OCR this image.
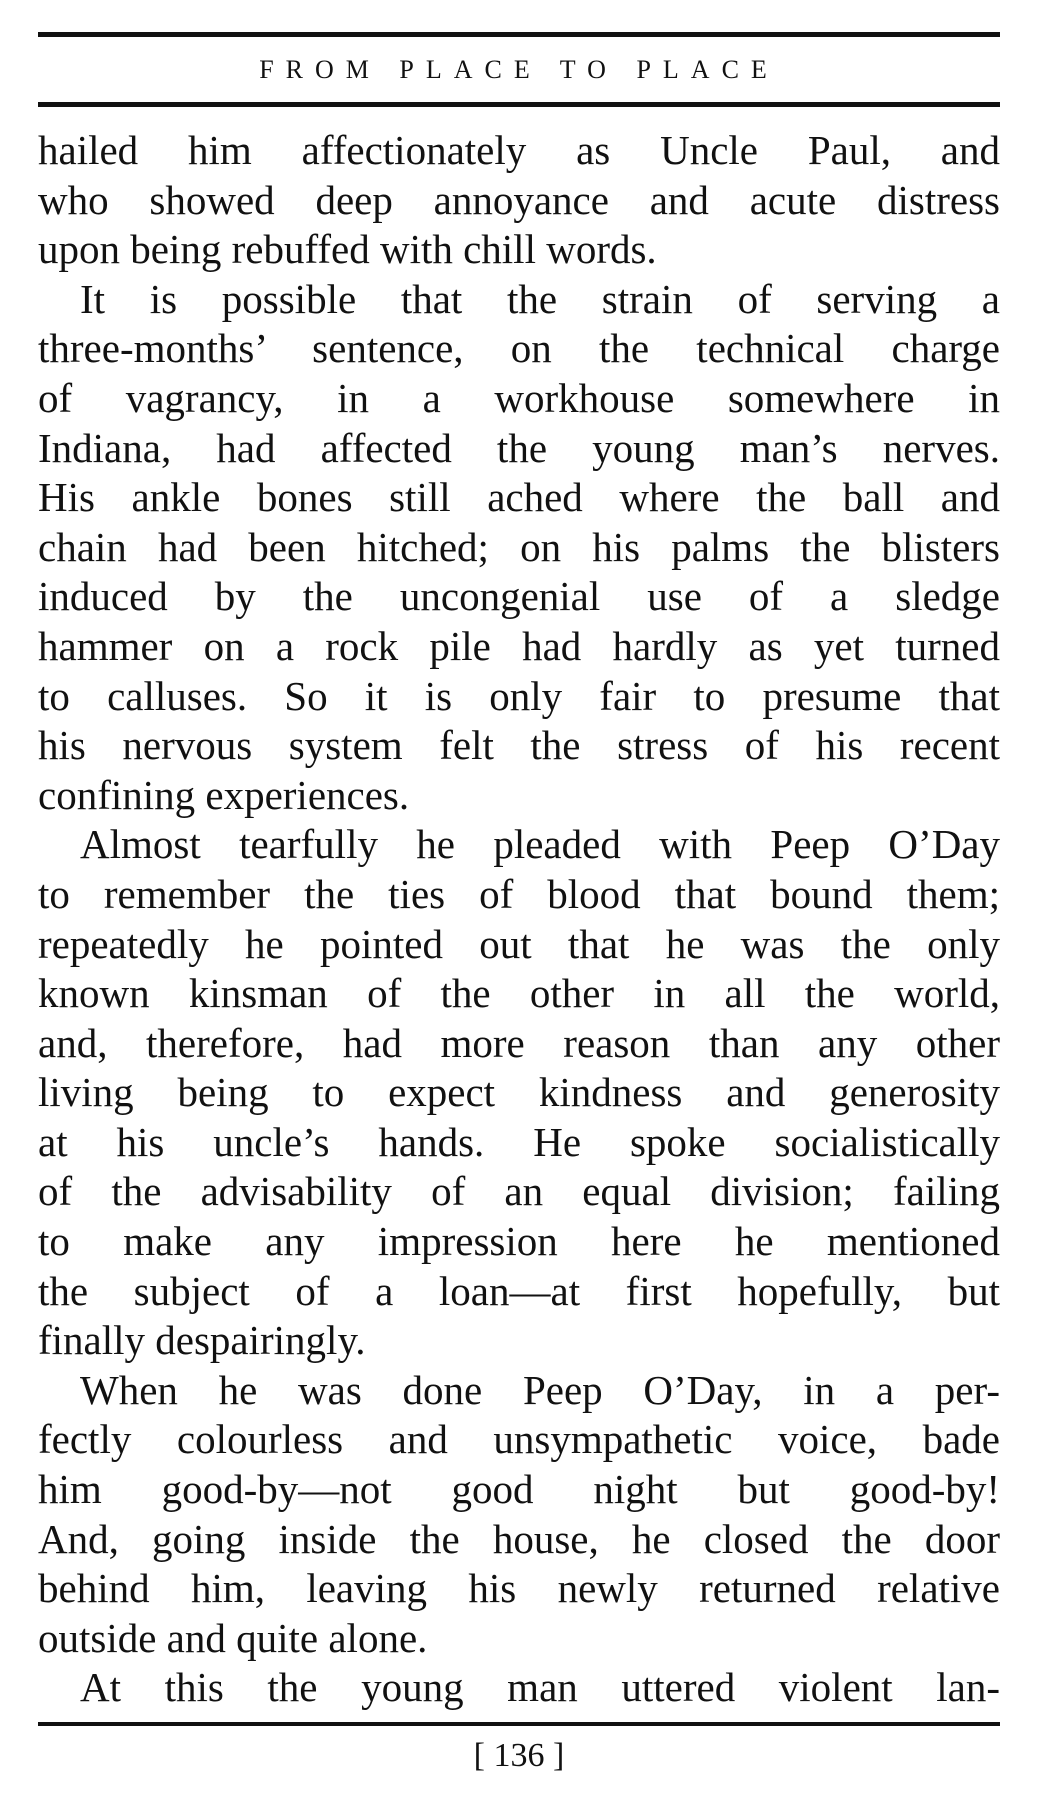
FROM PLACE TO PLACE
hailed him affectionately as Uncle Paul, and
who showed deep annoyance and acute distress
upon being rebuffed with chill words.
It is possible that the strain of serving a
three-months’ sentence, on the technical charge
of vagrancy, in a workhouse somewhere in
Indiana, had affected the young man’s nerves.
His ankle bones still ached where the ball and
chain had been hitched; on his palms the blisters
induced by the uncongenial use of a sledge
hammer on a rock pile had hardly as yet turned
to calluses. So it is only fair to presume that
his nervous system felt the stress of his recent
confining experiences.
Almost tearfully he pleaded with Peep O’Day
to remember the ties of blood that bound them;
repeatedly he pointed out that he was the only
known kinsman of the other in all the world,
and, therefore, had more reason than any other
living being to expect kindness and generosity
at his uncle’s hands. He spoke socialistically
of the advisability of an equal division; failing
to make any impression here he mentioned
the subject of a loan—at first hopefully, but
finally despairingly.
When he was done Peep O’Day, in a per-
fectly colourless and unsympathetic voice, bade
him good-by—not good night but good-by!
And, going inside the house, he closed the door
behind him, leaving his newly returned relative
outside and quite alone.
At this the young man uttered violent lan-
[ 136 ]
